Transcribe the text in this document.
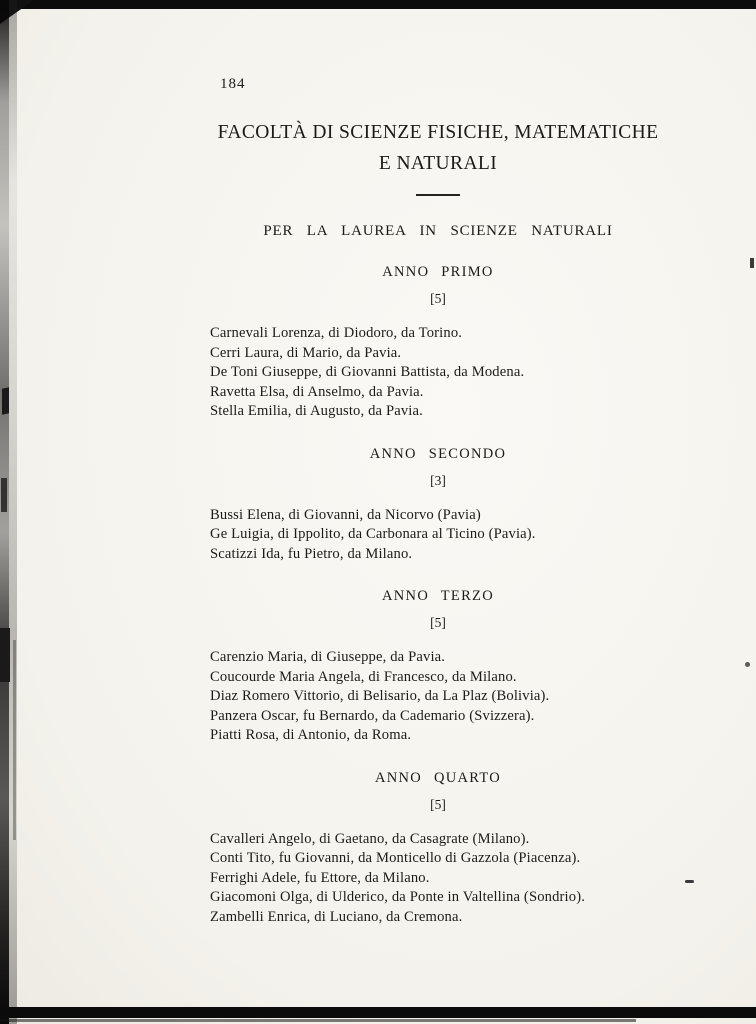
184
FACOLTÀ DI SCIENZE FISICHE, MATEMATICHE
E NATURALI
PER LA LAUREA IN SCIENZE NATURALI
ANNO PRIMO
[5]
Carnevali Lorenza, di Diodoro, da Torino.
Cerri Laura, di Mario, da Pavia.
De Toni Giuseppe, di Giovanni Battista, da Modena.
Ravetta Elsa, di Anselmo, da Pavia.
Stella Emilia, di Augusto, da Pavia.
ANNO SECONDO
[3]
Bussi Elena, di Giovanni, da Nicorvo (Pavia)
Ge Luigia, di Ippolito, da Carbonara al Ticino (Pavia).
Scatizzi Ida, fu Pietro, da Milano.
ANNO TERZO
[5]
Carenzio Maria, di Giuseppe, da Pavia.
Coucourde Maria Angela, di Francesco, da Milano.
Diaz Romero Vittorio, di Belisario, da La Plaz (Bolivia).
Panzera Oscar, fu Bernardo, da Cademario (Svizzera).
Piatti Rosa, di Antonio, da Roma.
ANNO QUARTO
[5]
Cavalleri Angelo, di Gaetano, da Casagrate (Milano).
Conti Tito, fu Giovanni, da Monticello di Gazzola (Piacenza).
Ferrighi Adele, fu Ettore, da Milano.
Giacomoni Olga, di Ulderico, da Ponte in Valtellina (Sondrio).
Zambelli Enrica, di Luciano, da Cremona.
